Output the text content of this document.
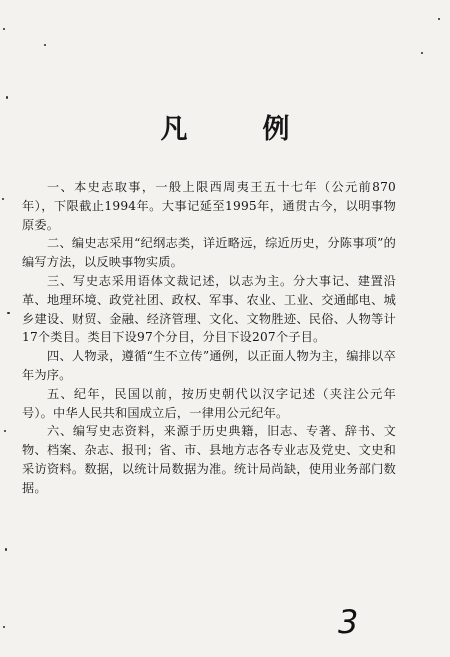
凡　例

一、本史志取事，一般上限西周夷王五十七年（公元前870年），下限截止1994年。大事记延至1995年，通贯古今，以明事物原委。

二、编史志采用“纪纲志类，详近略远，综近历史，分陈事项”的编写方法，以反映事物实质。

三、写史志采用语体文裁记述，以志为主。分大事记、建置沿革、地理环境、政党社团、政权、军事、农业、工业、交通邮电、城乡建设、财贸、金融、经济管理、文化、文物胜迹、民俗、人物等计17个类目。类目下设97个分目，分目下设207个子目。

四、人物录，遵循“生不立传”通例，以正面人物为主，编排以卒年为序。

五、纪年，民国以前，按历史朝代以汉字记述（夹注公元年号）。中华人民共和国成立后，一律用公元纪年。

六、编写史志资料，来源于历史典籍，旧志、专著、辞书、文物、档案、杂志、报刊；省、市、县地方志各专业志及党史、文史和采访资料。数据，以统计局数据为准。统计局尚缺，使用业务部门数据。

3
